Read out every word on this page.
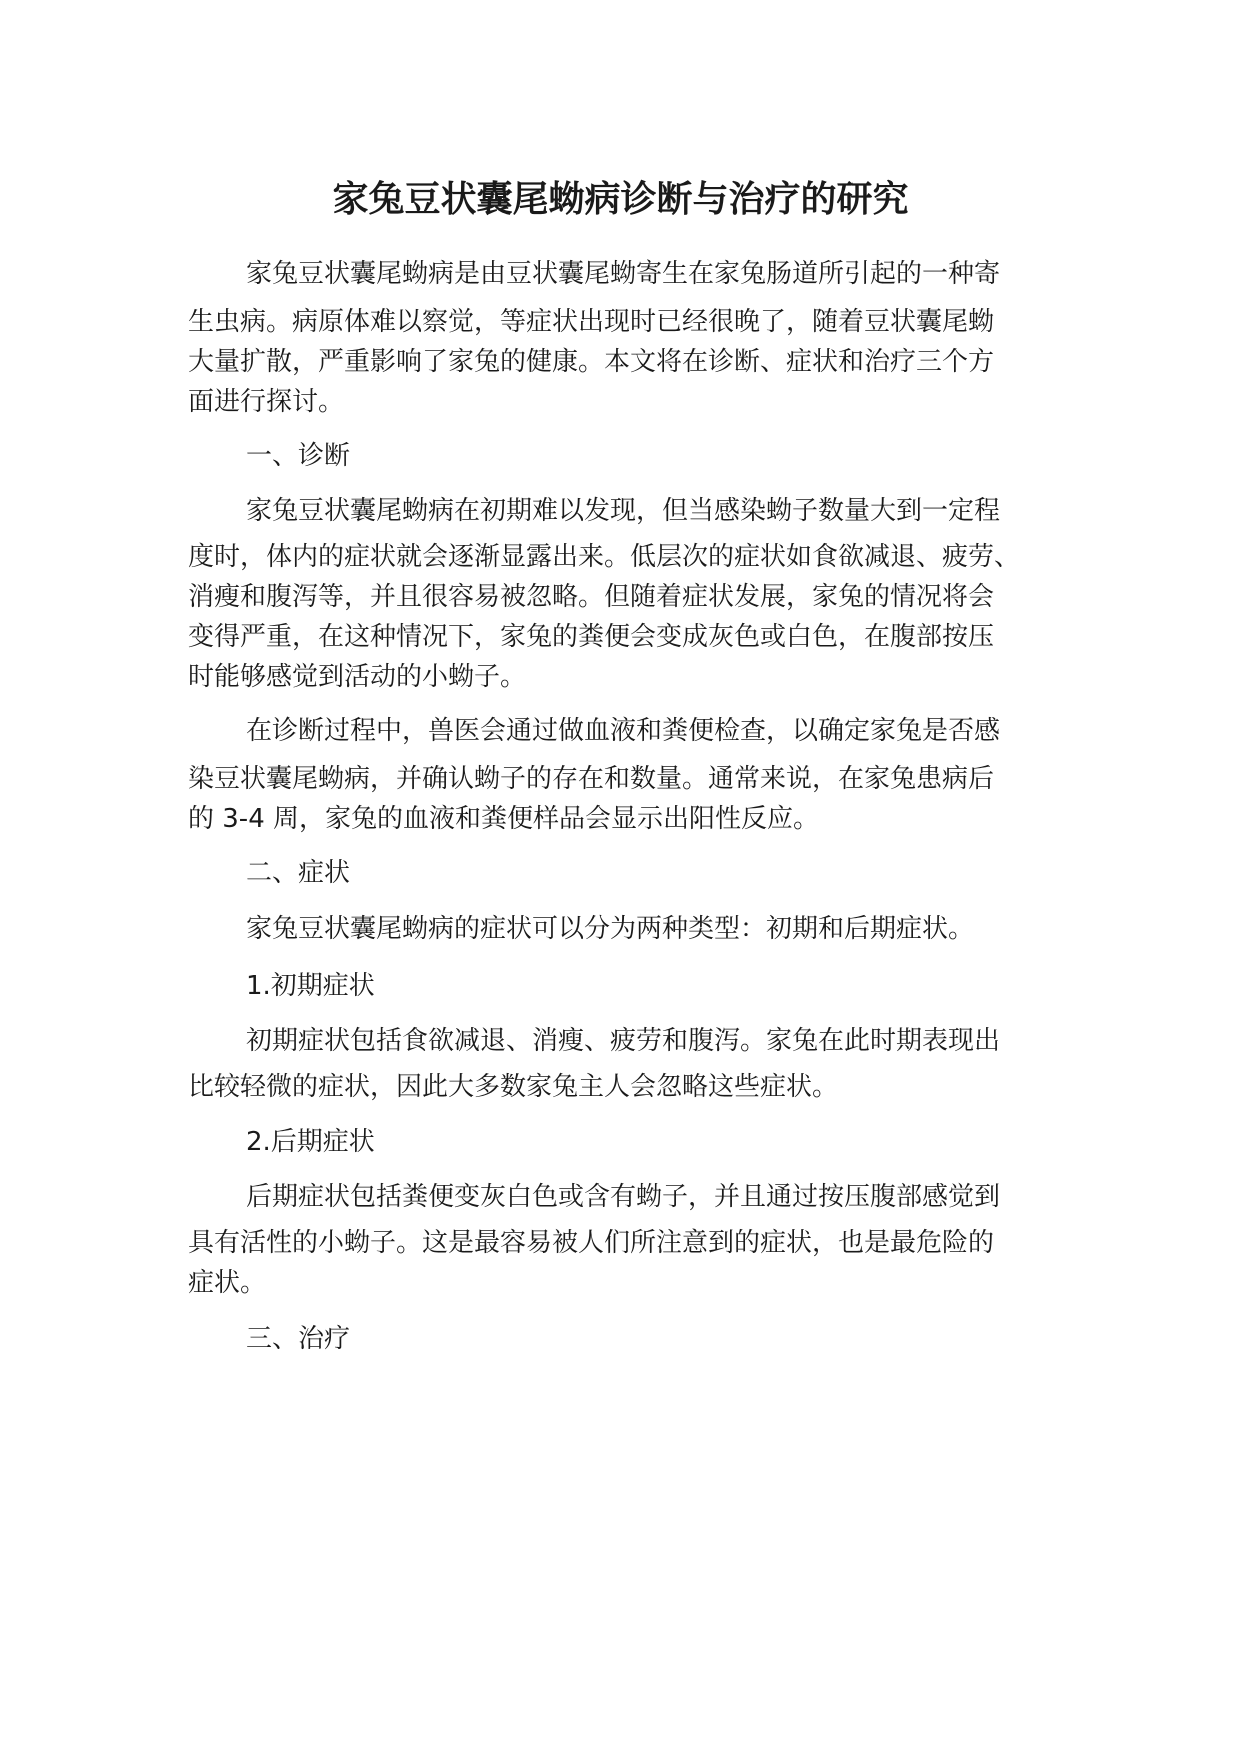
家兔豆状囊尾蚴病诊断与治疗的研究

家兔豆状囊尾蚴病是由豆状囊尾蚴寄生在家兔肠道所引起的一种寄

生虫病。病原体难以察觉，等症状出现时已经很晚了，随着豆状囊尾蚴

大量扩散，严重影响了家兔的健康。本文将在诊断、症状和治疗三个方

面进行探讨。

一、诊断

家兔豆状囊尾蚴病在初期难以发现，但当感染蚴子数量大到一定程

度时，体内的症状就会逐渐显露出来。低层次的症状如食欲减退、疲劳、

消瘦和腹泻等，并且很容易被忽略。但随着症状发展，家兔的情况将会

变得严重，在这种情况下，家兔的粪便会变成灰色或白色，在腹部按压

时能够感觉到活动的小蚴子。

在诊断过程中，兽医会通过做血液和粪便检查，以确定家兔是否感

染豆状囊尾蚴病，并确认蚴子的存在和数量。通常来说，在家兔患病后

的 3-4 周，家兔的血液和粪便样品会显示出阳性反应。

二、症状

家兔豆状囊尾蚴病的症状可以分为两种类型：初期和后期症状。

1.初期症状

初期症状包括食欲减退、消瘦、疲劳和腹泻。家兔在此时期表现出

比较轻微的症状，因此大多数家兔主人会忽略这些症状。

2.后期症状

后期症状包括粪便变灰白色或含有蚴子，并且通过按压腹部感觉到

具有活性的小蚴子。这是最容易被人们所注意到的症状，也是最危险的

症状。

三、治疗
